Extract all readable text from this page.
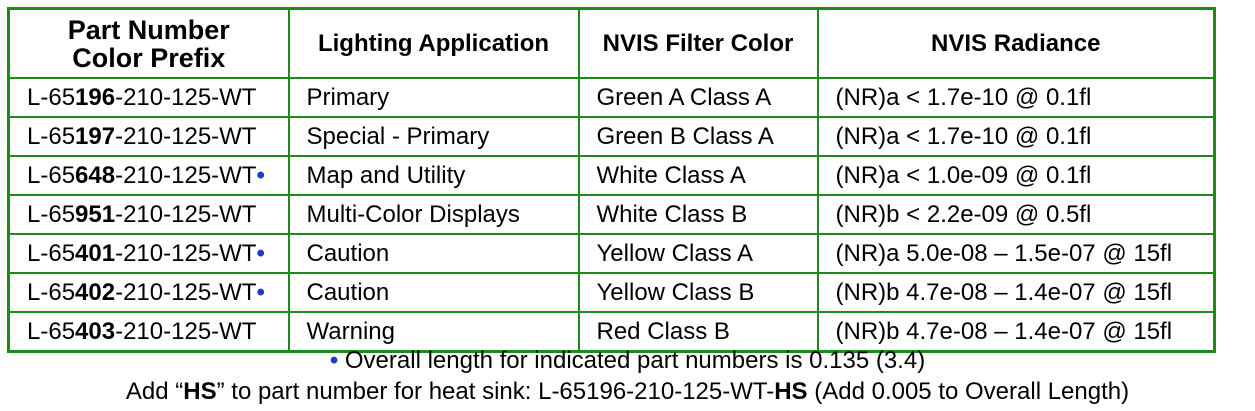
Part Number
Color Prefix	Lighting Application	NVIS Filter Color	NVIS Radiance
L-65196-210-125-WT	Primary	Green A Class A	(NR)a < 1.7e-10 @ 0.1fl
L-65197-210-125-WT	Special - Primary	Green B Class A	(NR)a < 1.7e-10 @ 0.1fl
L-65648-210-125-WT•	Map and Utility	White Class A	(NR)a < 1.0e-09 @ 0.1fl
L-65951-210-125-WT	Multi-Color Displays	White Class B	(NR)b < 2.2e-09 @ 0.5fl
L-65401-210-125-WT•	Caution	Yellow Class A	(NR)a 5.0e-08 – 1.5e-07 @ 15fl
L-65402-210-125-WT•	Caution	Yellow Class B	(NR)b 4.7e-08 – 1.4e-07 @ 15fl
L-65403-210-125-WT	Warning	Red Class B	(NR)b 4.7e-08 – 1.4e-07 @ 15fl
• Overall length for indicated part numbers is 0.135 (3.4)
Add “HS” to part number for heat sink: L-65196-210-125-WT-HS (Add 0.005 to Overall Length)
